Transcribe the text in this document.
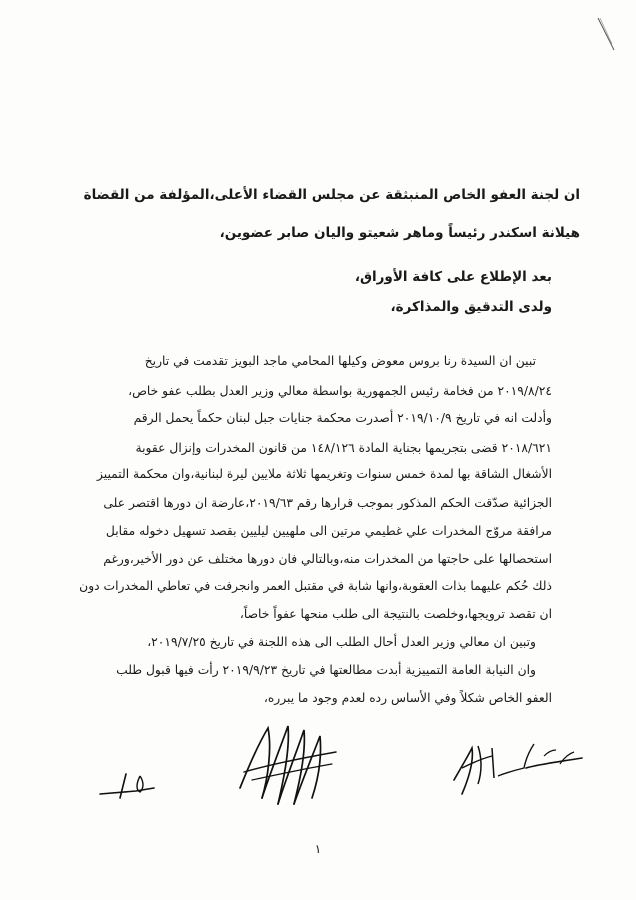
ان لجنة العفو الخاص المنبثقة عن مجلس القضاء الأعلى،المؤلفة من القضاة
هيلانة اسكندر رئيساً وماهر شعيتو واليان صابر عضوين،
بعد الإطلاع على كافة الأوراق،
ولدى التدقيق والمذاكرة،
تبين ان السيدة رنا بروس معوض وكيلها المحامي ماجد البويز تقدمت في تاريخ
٢٠١٩/٨/٢٤ من فخامة رئيس الجمهورية بواسطة معالي وزير العدل بطلب عفو خاص،
وأدلت انه في تاريخ ٢٠١٩/١٠/٩ أصدرت محكمة جنايات جبل لبنان حكماً يحمل الرقم
٢٠١٨/٦٢١ قضى بتجريمها بجناية المادة ١٤٨/١٢٦ من قانون المخدرات وإنزال عقوبة
الأشغال الشاقة بها لمدة خمس سنوات وتغريمها ثلاثة ملايين ليرة لبنانية،وان محكمة التمييز
الجزائية صدّقت الحكم المذكور بموجب قرارها رقم ٢٠١٩/٦٣،عارضة ان دورها اقتصر على
مرافقة مروّج المخدرات علي غطيمي مرتين الى ملهيين ليليين بقصد تسهيل دخوله مقابل
استحصالها على حاجتها من المخدرات منه،وبالتالي فان دورها مختلف عن دور الأخير،ورغم
ذلك حُكم عليهما بذات العقوبة،وانها شابة في مقتبل العمر وانجرفت في تعاطي المخدرات دون
ان تقصد ترويجها،وخلصت بالنتيجة الى طلب منحها عفواً خاصاً،
وتبين ان معالي وزير العدل أحال الطلب الى هذه اللجنة في تاريخ ٢٠١٩/٧/٢٥،
وان النيابة العامة التمييزية أبدت مطالعتها في تاريخ ٢٠١٩/٩/٢٣ رأت فيها قبول طلب
العفو الخاص شكلاً وفي الأساس رده لعدم وجود ما يبرره،
١
